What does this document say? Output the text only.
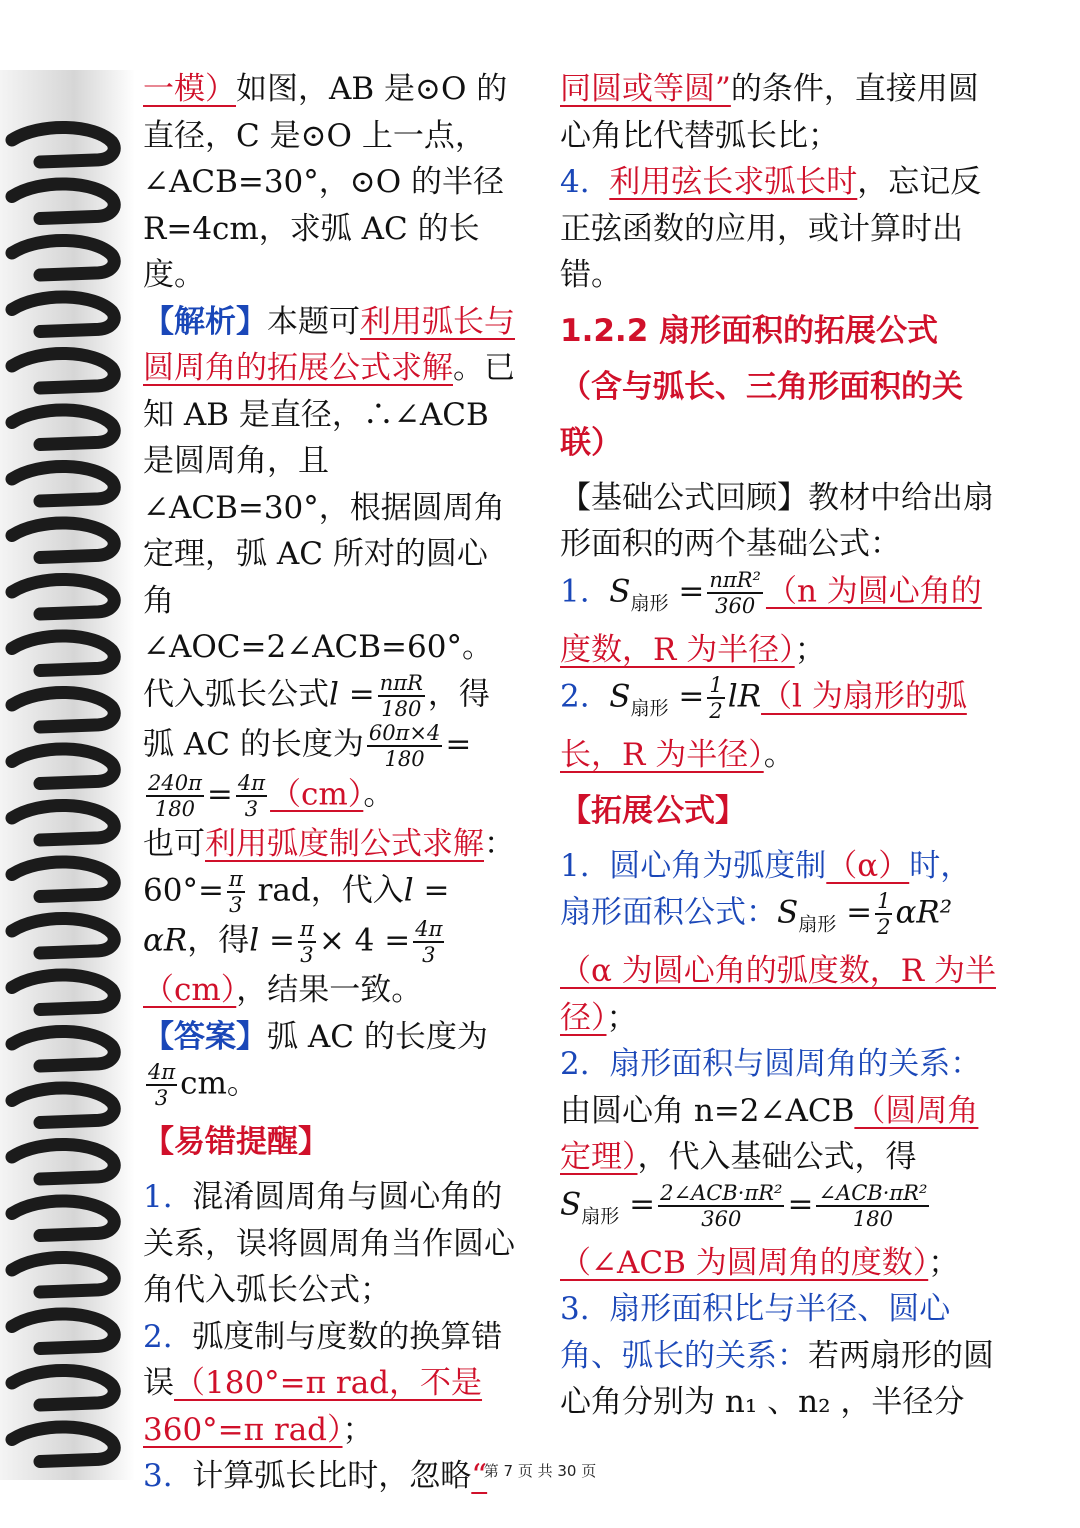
一模）如图，AB 是⊙O 的直径，C 是⊙O 上一点，∠ACB=30°，⊙O 的半径 R=4cm，求弧 AC 的长度。

【解析】本题可利用弧长与圆周角的拓展公式求解。已知 AB 是直径，∴∠ACB 是圆周角，且∠ACB=30°，根据圆周角定理，弧 AC 所对的圆心角∠AOC=2∠ACB=60°。代入弧长公式$l = \frac{\text{nπR}}{180}$ ，得弧 AC 的长度为 $\frac{60\pi\times 4}{180}$ =
$\frac{240\pi}{180} = \frac{4\pi}{3} (cm)$。

也可利用弧度制公式求解：$60^\circ= \frac{\pi}{3}$ rad，代入l = αR，得$l = \frac{\pi}{3} \times 4 = \frac{4\pi}{3}$
（cm），结果一致。

【答案】弧 AC 的长度为

$\frac{4\pi}{3}$ cm。

【易错提醒】

1. 混淆圆周角与圆心角的关系，误将圆周角当作圆心角代入弧长公式；

2. 弧度制与度数的换算错误（180°=π rad，不是 360°=π rad）；

3. 计算弧长比时，忽略“

同圆或等圆”的条件，直接用圆心角比代替弧长比；

4. 利用弦长求弧长时，忘记反正弦函数的应用，或计算时出错。

1.2.2 扇形面积的拓展公式（含与弧长、三角形面积的关联）

【基础公式回顾】教材中给出扇形面积的两个基础公式：

1. $S_{扇形} = \frac{\text{nπR²}}{360} (n$ 为圆心角的度数，R 为半径）；

2. $S_{扇形} = \frac{1}{2} lR(l$ 为扇形的弧长，R 为半径）。

【拓展公式】

1. 圆心角为弧度制（α）时，扇形面积公式：$S_{扇形} = \frac{1}{2} \alpha R^2(\alpha$ 为圆心角的弧度数，R 为半径）；

2. 扇形面积与圆周角的关系：
由圆心角 n=2∠ACB（圆周角定理），代入基础公式，得
$S_{扇形} = \frac{\text{2∠ACB·πR²}}{360} = \frac{\text{∠ACB·πR²}}{180}$
（∠ACB 为圆周角的度数）；

3. 扇形面积比与半径、圆心角、弧长的关系：若两扇形的圆心角分别为 n₁ 、n₂ ，半径分

第 7 页 共 30 页
